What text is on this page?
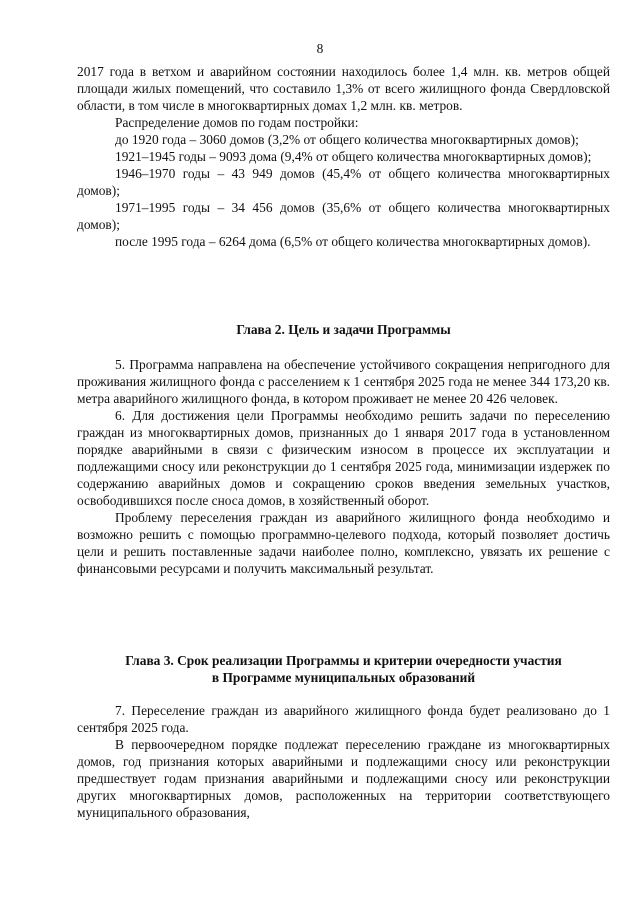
8

2017 года в ветхом и аварийном состоянии находилось более 1,4 млн. кв. метров общей площади жилых помещений, что составило 1,3% от всего жилищного фонда Свердловской области, в том числе в многоквартирных домах 1,2 млн. кв. метров.

Распределение домов по годам постройки:

до 1920 года – 3060 домов (3,2% от общего количества многоквартирных домов);

1921–1945 годы – 9093 дома (9,4% от общего количества многоквартирных домов);

1946–1970 годы – 43 949 домов (45,4% от общего количества многоквартирных домов);

1971–1995 годы – 34 456 домов (35,6% от общего количества многоквартирных домов);

после 1995 года – 6264 дома (6,5% от общего количества многоквартирных домов).

Глава 2. Цель и задачи Программы

5. Программа направлена на обеспечение устойчивого сокращения непригодного для проживания жилищного фонда с расселением к 1 сентября 2025 года не менее 344 173,20 кв. метра аварийного жилищного фонда, в котором проживает не менее 20 426 человек.

6. Для достижения цели Программы необходимо решить задачи по переселению граждан из многоквартирных домов, признанных до 1 января 2017 года в установленном порядке аварийными в связи с физическим износом в процессе их эксплуатации и подлежащими сносу или реконструкции до 1 сентября 2025 года, минимизации издержек по содержанию аварийных домов и сокращению сроков введения земельных участков, освободившихся после сноса домов, в хозяйственный оборот.

Проблему переселения граждан из аварийного жилищного фонда необходимо и возможно решить с помощью программно-целевого подхода, который позволяет достичь цели и решить поставленные задачи наиболее полно, комплексно, увязать их решение с финансовыми ресурсами и получить максимальный результат.

Глава 3. Срок реализации Программы и критерии очередности участия

в Программе муниципальных образований

7. Переселение граждан из аварийного жилищного фонда будет реализовано до 1 сентября 2025 года.

В первоочередном порядке подлежат переселению граждане из многоквартирных домов, год признания которых аварийными и подлежащими сносу или реконструкции предшествует годам признания аварийными и подлежащими сносу или реконструкции других многоквартирных домов, расположенных на территории соответствующего муниципального образования,
